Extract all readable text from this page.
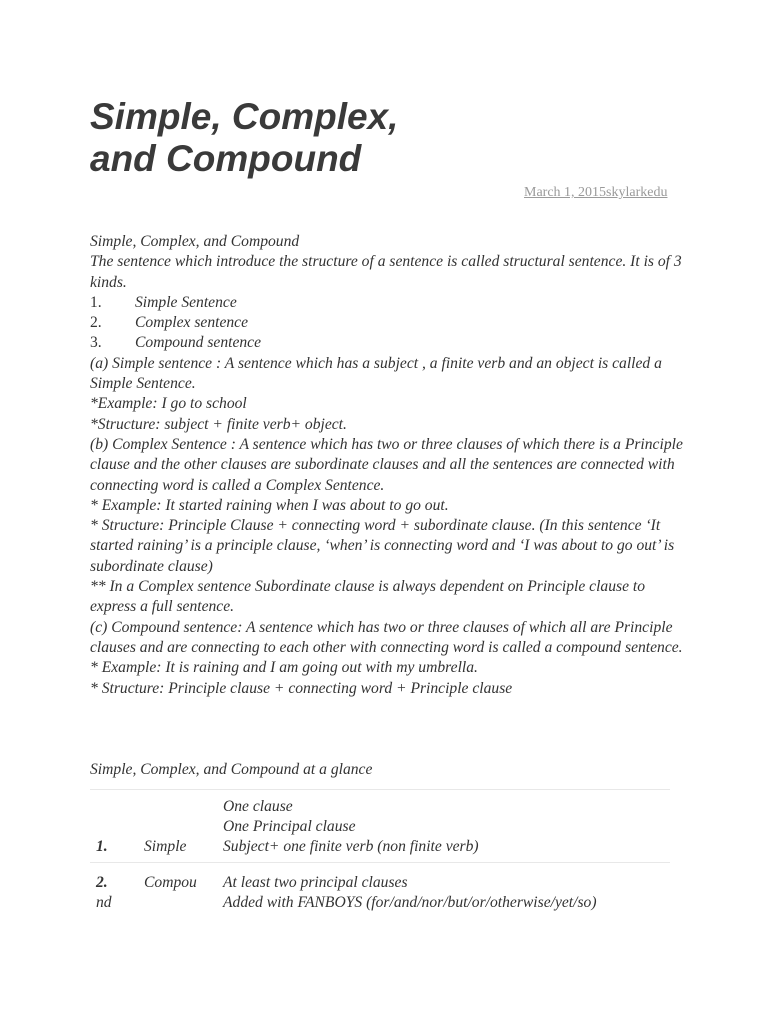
Simple, Complex,
and Compound
March 1, 2015skylarkedu
Simple, Complex, and Compound
The sentence which introduce the structure of a sentence is called structural sentence. It is of 3 kinds.
1. Simple Sentence
2. Complex sentence
3. Compound sentence
(a) Simple sentence : A sentence which has a subject , a finite verb and an object is called a Simple Sentence.
*Example: I go to school
*Structure: subject + finite verb+ object.
(b) Complex Sentence : A sentence which has two or three clauses of which there is a Principle clause and the other clauses are subordinate clauses and all the sentences are connected with connecting word is called a Complex Sentence.
* Example: It started raining when I was about to go out.
* Structure: Principle Clause + connecting word + subordinate clause. (In this sentence ‘It started raining’ is a principle clause, ‘when’ is connecting word and ‘I was about to go out’ is subordinate clause)
** In a Complex sentence Subordinate clause is always dependent on Principle clause to express a full sentence.
(c) Compound sentence: A sentence which has two or three clauses of which all are Principle clauses and are connecting to each other with connecting word is called a compound sentence.
* Example: It is raining and I am going out with my umbrella.
* Structure: Principle clause + connecting word + Principle clause
Simple, Complex, and Compound at a glance
1. Simple
One clause
One Principal clause
Subject+ one finite verb (non finite verb)
2.
nd
Compou	At least two principal clauses
Added with FANBOYS (for/and/nor/but/or/otherwise/yet/so)
